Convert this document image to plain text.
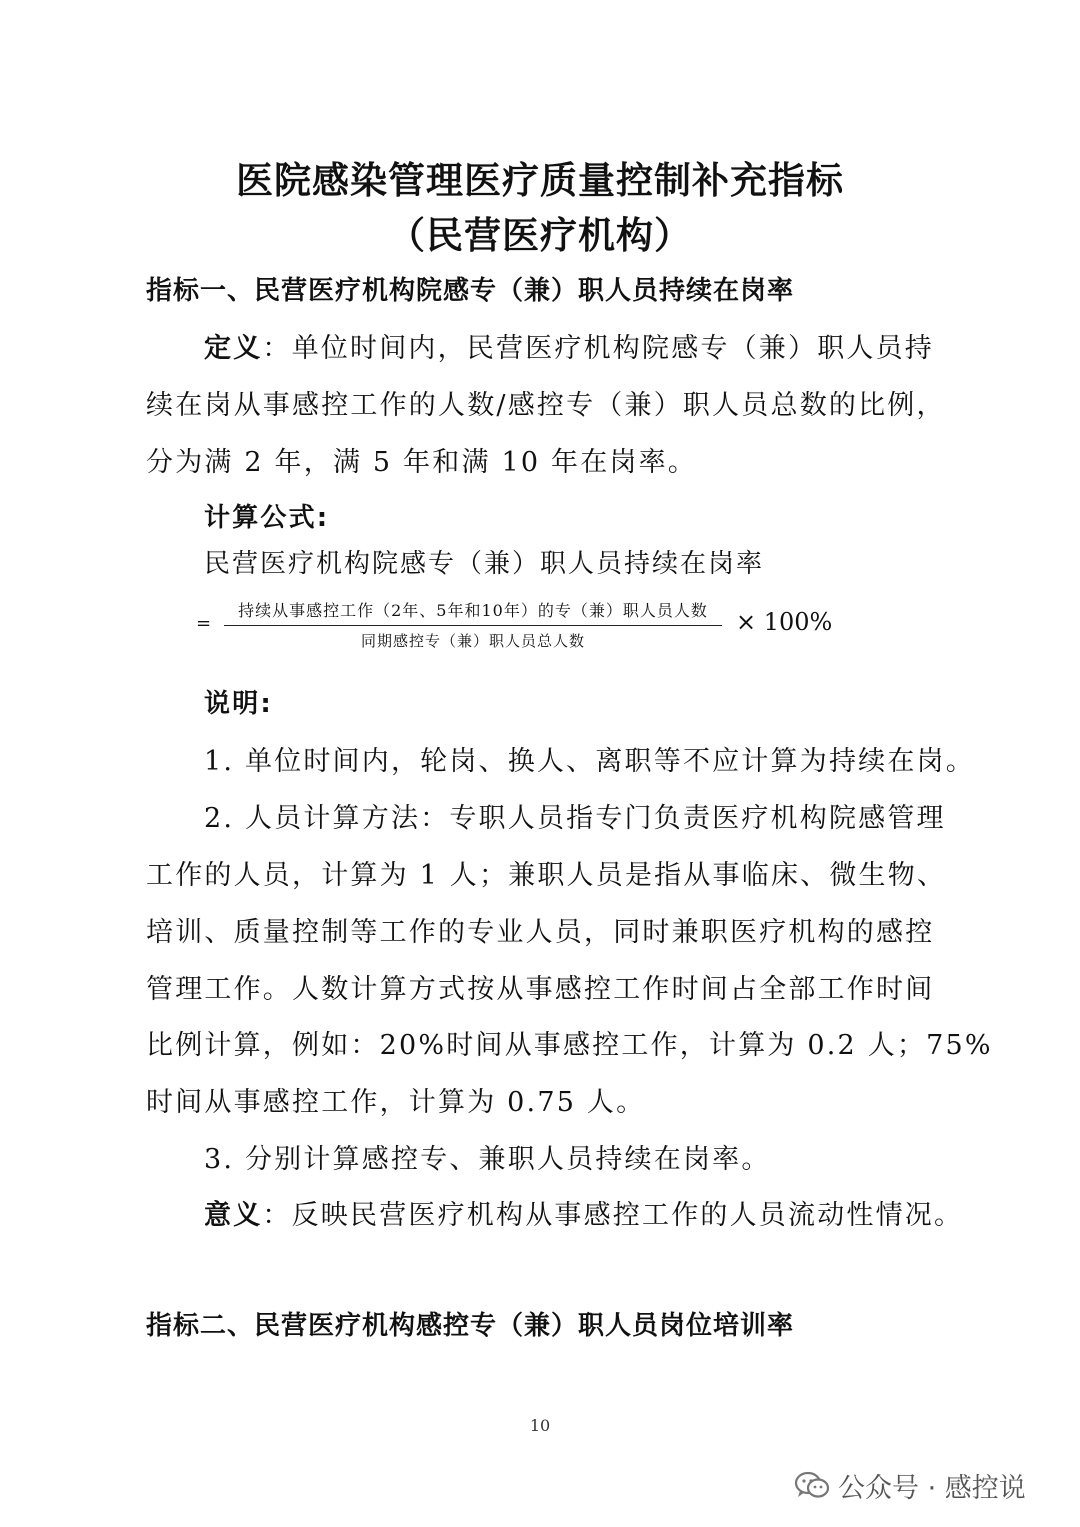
医院感染管理医疗质量控制补充指标
（民营医疗机构）
指标一、民营医疗机构院感专（兼）职人员持续在岗率
定义：单位时间内，民营医疗机构院感专（兼）职人员持
续在岗从事感控工作的人数/感控专（兼）职人员总数的比例，
分为满 2 年，满 5 年和满 10 年在岗率。
计算公式:
民营医疗机构院感专（兼）职人员持续在岗率
=
持续从事感控工作（2年、5年和10年）的专（兼）职人员人数
同期感控专（兼）职人员总人数
× 100%
说明:
1. 单位时间内，轮岗、换人、离职等不应计算为持续在岗。
2. 人员计算方法：专职人员指专门负责医疗机构院感管理
工作的人员，计算为 1 人；兼职人员是指从事临床、微生物、
培训、质量控制等工作的专业人员，同时兼职医疗机构的感控
管理工作。人数计算方式按从事感控工作时间占全部工作时间
比例计算，例如：20%时间从事感控工作，计算为 0.2 人；75%
时间从事感控工作，计算为 0.75 人。
3. 分别计算感控专、兼职人员持续在岗率。
意义：反映民营医疗机构从事感控工作的人员流动性情况。
指标二、民营医疗机构感控专（兼）职人员岗位培训率
10
公众号 · 感控说
